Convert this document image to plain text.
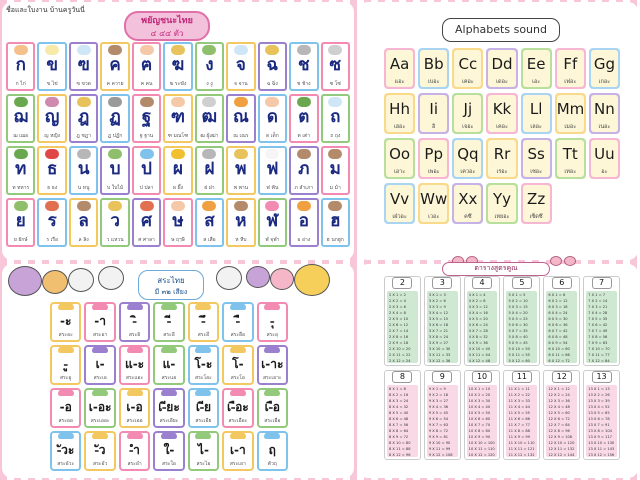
ชื่อและใบงาน บ้านครูวันนี่
พยัญชนะไทย
๔ ๔๔ ตัว
ก
ก ไก่
ข
ข ไข่
ฃ
ฃ ขวด
ค
ค ควาย
ฅ
ฅ คน
ฆ
ฆ ระฆัง
ง
ง งู
จ
จ จาน
ฉ
ฉ ฉิ่ง
ช
ช ช้าง
ซ
ซ โซ่
ฌ
ฌ เฌอ
ญ
ญ หญิง
ฎ
ฎ ชฎา
ฏ
ฏ ปฏัก
ฐ
ฐ ฐาน
ฑ
ฑ มณโฑ
ฒ
ฒ ผู้เฒ่า
ณ
ณ เณร
ด
ด เด็ก
ต
ต เต่า
ถ
ถ ถุง
ท
ท ทหาร
ธ
ธ ธง
น
น หนู
บ
บ ใบไม้
ป
ป ปลา
ผ
ผ ผึ้ง
ฝ
ฝ ฝา
พ
พ พาน
ฟ
ฟ ฟัน
ภ
ภ สำเภา
ม
ม ม้า
ย
ย ยักษ์
ร
ร เรือ
ล
ล ลิง
ว
ว แหวน
ศ
ศ ศาลา
ษ
ษ ฤๅษี
ส
ส เสือ
ห
ห หีบ
ฬ
ฬ จุฬา
อ
อ อ่าง
ฮ
ฮ นกฮูก
Alphabets sound
Aa
แอะ
Bb
เบอะ
Cc
เคอะ
Dd
เดอะ
Ee
เอะ
Ff
เฟอะ
Gg
เกอะ
Hh
เฮอะ
Ii
อิ
Jj
เจอะ
Kk
เคอะ
Ll
เลอะ
Mm
เมอะ
Nn
เนอะ
Oo
เอาะ
Pp
เพอะ
Qq
เควอะ
Rr
เรอะ
Ss
เซอะ
Tt
เทอะ
Uu
อะ
Vv
เฝ่วอะ
Ww
เวอะ
Xx
คซึ
Yy
เหยอะ
Zz
เซ็ดซึ
สระไทย
มี ๓๒ เสียง
-ะ
สระอะ
-า
สระอา
-ิ
สระอิ
-ี
สระอี
-ึ
สระอึ
-ื
สระอือ
-ุ
สระอุ
-ู
สระอู
เ-
สระเอ
แ-ะ
สระแอะ
แ-
สระแอ
โ-ะ
สระโอะ
โ-
สระโอ
เ-าะ
สระเอาะ
-อ
สระออ
เ-อะ
สระเออะ
เ-อ
สระเออ
เ-ียะ
สระเอียะ
เ-ีย
สระเอีย
เ-ือะ
สระเอือะ
เ-ือ
สระเอือ
-ัวะ
สระอัวะ
-ัว
สระอัว
-ำ
สระอำ
ใ-
สระใอ
ไ-
สระไอ
เ-า
สระเอา
ฤ
ตัวฤ
ตารางสูตรคูณ
2
2 X 1 = 2
2 X 2 = 4
2 X 3 = 6
2 X 4 = 8
2 X 5 = 10
2 X 6 = 12
2 X 7 = 14
2 X 8 = 16
2 X 9 = 18
2 X 10 = 20
2 X 11 = 22
2 X 12 = 24
3
3 X 1 = 3
3 X 2 = 6
3 X 3 = 9
3 X 4 = 12
3 X 5 = 15
3 X 6 = 18
3 X 7 = 21
3 X 8 = 24
3 X 9 = 27
3 X 10 = 30
3 X 11 = 33
3 X 12 = 36
4
4 X 1 = 4
4 X 2 = 8
4 X 3 = 12
4 X 4 = 16
4 X 5 = 20
4 X 6 = 24
4 X 7 = 28
4 X 8 = 32
4 X 9 = 36
4 X 10 = 40
4 X 11 = 44
4 X 12 = 48
5
5 X 1 = 5
5 X 2 = 10
5 X 3 = 15
5 X 4 = 20
5 X 5 = 25
5 X 6 = 30
5 X 7 = 35
5 X 8 = 40
5 X 9 = 45
5 X 10 = 50
5 X 11 = 55
5 X 12 = 60
6
6 X 1 = 6
6 X 2 = 12
6 X 3 = 18
6 X 4 = 24
6 X 5 = 30
6 X 6 = 36
6 X 7 = 42
6 X 8 = 48
6 X 9 = 54
6 X 10 = 60
6 X 11 = 66
6 X 12 = 72
7
7 X 1 = 7
7 X 2 = 14
7 X 3 = 21
7 X 4 = 28
7 X 5 = 35
7 X 6 = 42
7 X 7 = 49
7 X 8 = 56
7 X 9 = 63
7 X 10 = 70
7 X 11 = 77
7 X 12 = 84
8
8 X 1 = 8
8 X 2 = 16
8 X 3 = 24
8 X 4 = 32
8 X 5 = 40
8 X 6 = 48
8 X 7 = 56
8 X 8 = 64
8 X 9 = 72
8 X 10 = 80
8 X 11 = 88
8 X 12 = 96
9
9 X 1 = 9
9 X 2 = 18
9 X 3 = 27
9 X 4 = 36
9 X 5 = 45
9 X 6 = 54
9 X 7 = 63
9 X 8 = 72
9 X 9 = 81
9 X 10 = 90
9 X 11 = 99
9 X 12 = 108
10
10 X 1 = 10
10 X 2 = 20
10 X 3 = 30
10 X 4 = 40
10 X 5 = 50
10 X 6 = 60
10 X 7 = 70
10 X 8 = 80
10 X 9 = 90
10 X 10 = 100
10 X 11 = 110
10 X 12 = 120
11
11 X 1 = 11
11 X 2 = 22
11 X 3 = 33
11 X 4 = 44
11 X 5 = 55
11 X 6 = 66
11 X 7 = 77
11 X 8 = 88
11 X 9 = 99
11 X 10 = 110
11 X 11 = 121
11 X 12 = 132
12
12 X 1 = 12
12 X 2 = 24
12 X 3 = 36
12 X 4 = 48
12 X 5 = 60
12 X 6 = 72
12 X 7 = 84
12 X 8 = 96
12 X 9 = 108
12 X 10 = 120
12 X 11 = 132
12 X 12 = 144
13
13 X 1 = 13
13 X 2 = 26
13 X 3 = 39
13 X 4 = 52
13 X 5 = 65
13 X 6 = 78
13 X 7 = 91
13 X 8 = 104
13 X 9 = 117
13 X 10 = 130
13 X 11 = 143
13 X 12 = 156
